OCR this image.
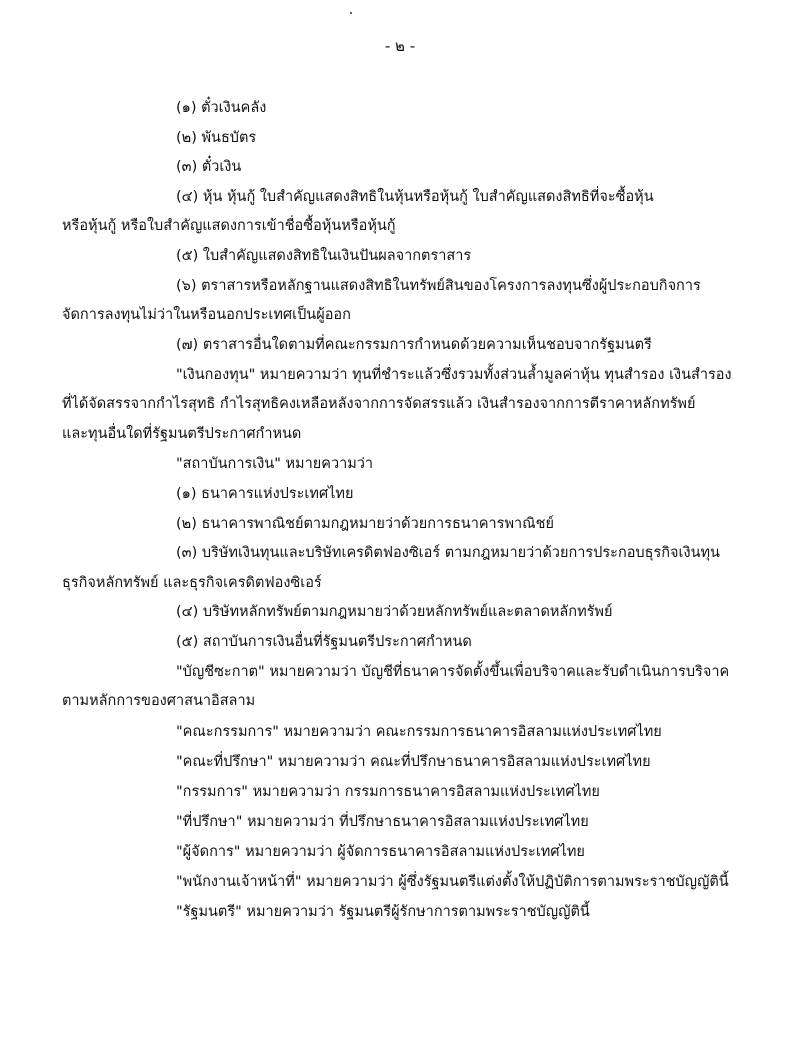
- ๒ -
(๑) ตั๋วเงินคลัง
(๒) พันธบัตร
(๓) ตั๋วเงิน
(๔) หุ้น หุ้นกู้ ใบสำคัญแสดงสิทธิในหุ้นหรือหุ้นกู้ ใบสำคัญแสดงสิทธิที่จะซื้อหุ้น
หรือหุ้นกู้ หรือใบสำคัญแสดงการเข้าชื่อซื้อหุ้นหรือหุ้นกู้
(๕) ใบสำคัญแสดงสิทธิในเงินปันผลจากตราสาร
(๖) ตราสารหรือหลักฐานแสดงสิทธิในทรัพย์สินของโครงการลงทุนซึ่งผู้ประกอบกิจการ
จัดการลงทุนไม่ว่าในหรือนอกประเทศเป็นผู้ออก
(๗) ตราสารอื่นใดตามที่คณะกรรมการกำหนดด้วยความเห็นชอบจากรัฐมนตรี
"เงินกองทุน" หมายความว่า ทุนที่ชำระแล้วซึ่งรวมทั้งส่วนล้ำมูลค่าหุ้น ทุนสำรอง เงินสำรอง
ที่ได้จัดสรรจากกำไรสุทธิ กำไรสุทธิคงเหลือหลังจากการจัดสรรแล้ว เงินสำรองจากการตีราคาหลักทรัพย์
และทุนอื่นใดที่รัฐมนตรีประกาศกำหนด
"สถาบันการเงิน" หมายความว่า
(๑) ธนาคารแห่งประเทศไทย
(๒) ธนาคารพาณิชย์ตามกฎหมายว่าด้วยการธนาคารพาณิชย์
(๓) บริษัทเงินทุนและบริษัทเครดิตฟองซิเอร์ ตามกฎหมายว่าด้วยการประกอบธุรกิจเงินทุน
ธุรกิจหลักทรัพย์ และธุรกิจเครดิตฟองซิเอร์
(๔) บริษัทหลักทรัพย์ตามกฎหมายว่าด้วยหลักทรัพย์และตลาดหลักทรัพย์
(๕) สถาบันการเงินอื่นที่รัฐมนตรีประกาศกำหนด
"บัญชีซะกาต" หมายความว่า บัญชีที่ธนาคารจัดตั้งขึ้นเพื่อบริจาคและรับดำเนินการบริจาค
ตามหลักการของศาสนาอิสลาม
"คณะกรรมการ" หมายความว่า คณะกรรมการธนาคารอิสลามแห่งประเทศไทย
"คณะที่ปรึกษา" หมายความว่า คณะที่ปรึกษาธนาคารอิสลามแห่งประเทศไทย
"กรรมการ" หมายความว่า กรรมการธนาคารอิสลามแห่งประเทศไทย
"ที่ปรึกษา" หมายความว่า ที่ปรึกษาธนาคารอิสลามแห่งประเทศไทย
"ผู้จัดการ" หมายความว่า ผู้จัดการธนาคารอิสลามแห่งประเทศไทย
"พนักงานเจ้าหน้าที่" หมายความว่า ผู้ซึ่งรัฐมนตรีแต่งตั้งให้ปฏิบัติการตามพระราชบัญญัตินี้
"รัฐมนตรี" หมายความว่า รัฐมนตรีผู้รักษาการตามพระราชบัญญัตินี้
